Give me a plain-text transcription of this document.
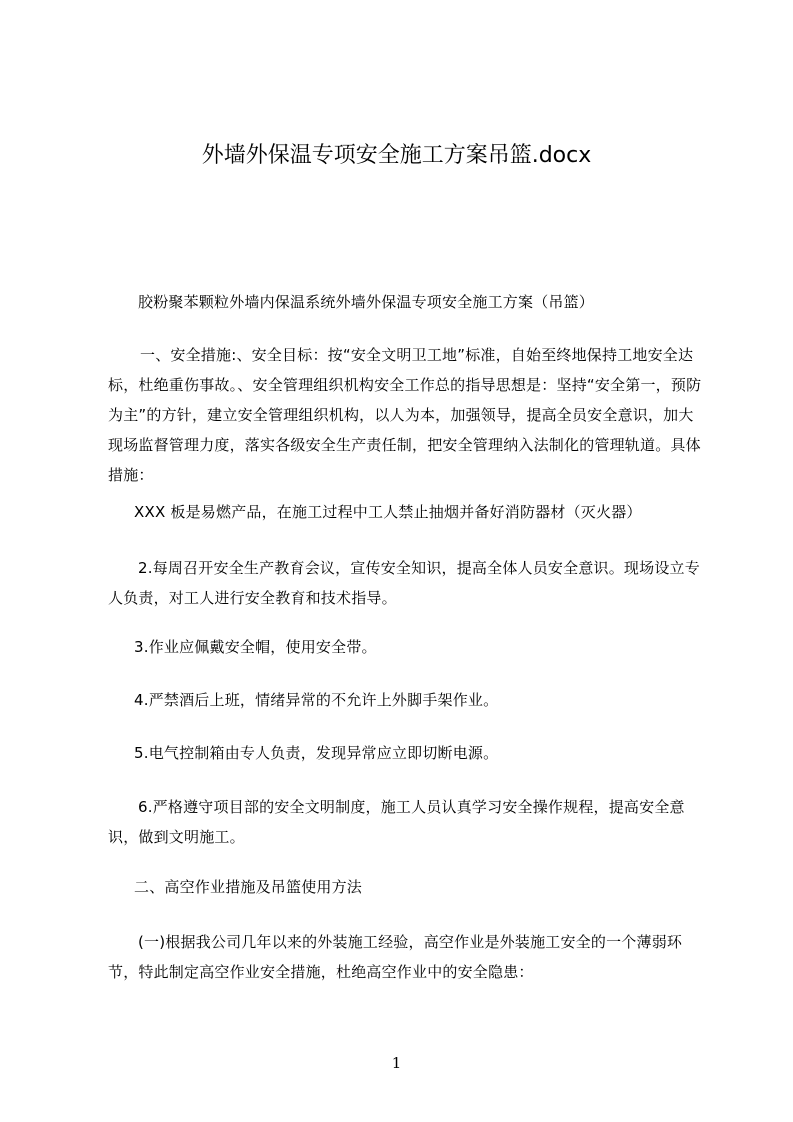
外墙外保温专项安全施工方案吊篮.docx

胶粉聚苯颗粒外墙内保温系统外墙外保温专项安全施工方案（吊篮）

一、安全措施:、安全目标：按“安全文明卫工地”标准，自始至终地保持工地安全达标，杜绝重伤事故。、安全管理组织机构安全工作总的指导思想是：坚持“安全第一，预防为主”的方针，建立安全管理组织机构，以人为本，加强领导，提高全员安全意识，加大现场监督管理力度，落实各级安全生产责任制，把安全管理纳入法制化的管理轨道。具体措施：

XXX 板是易燃产品，在施工过程中工人禁止抽烟并备好消防器材（灭火器）

2.每周召开安全生产教育会议，宣传安全知识，提高全体人员安全意识。现场设立专人负责，对工人进行安全教育和技术指导。

3.作业应佩戴安全帽，使用安全带。

4.严禁酒后上班，情绪异常的不允许上外脚手架作业。

5.电气控制箱由专人负责，发现异常应立即切断电源。

6.严格遵守项目部的安全文明制度，施工人员认真学习安全操作规程，提高安全意识，做到文明施工。

二、高空作业措施及吊篮使用方法

(一)根据我公司几年以来的外装施工经验，高空作业是外装施工安全的一个薄弱环节，特此制定高空作业安全措施，杜绝高空作业中的安全隐患：

1
